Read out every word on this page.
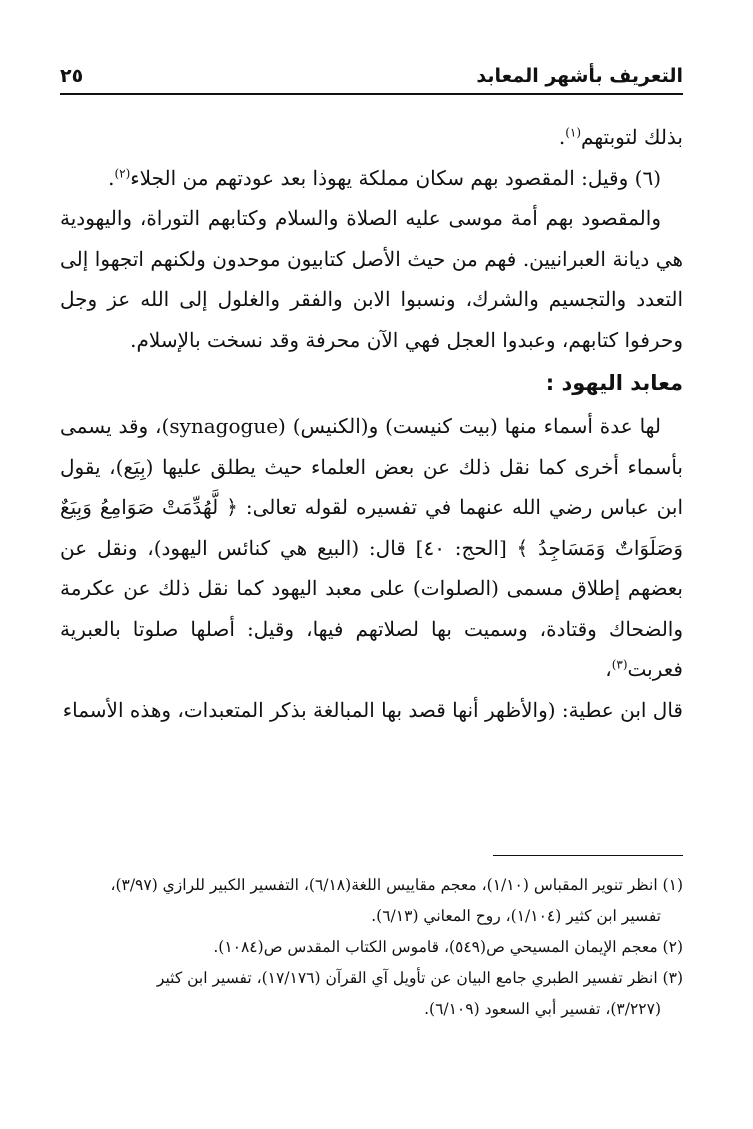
التعريف بأشهر المعابد
٢٥

بذلك لتوبتهم$^{(١)}$.

(٦) وقيل: المقصود بهم سكان مملكة يهوذا بعد عودتهم من الجلاء$^{(٢)}$.

والمقصود بهم أمة موسى عليه الصلاة والسلام وكتابهم التوراة، واليهودية هي ديانة العبرانيين. فهم من حيث الأصل كتابيون موحدون ولكنهم اتجهوا إلى التعدد والتجسيم والشرك، ونسبوا الابن والفقر والغلول إلى الله عز وجل وحرفوا كتابهم، وعبدوا العجل فهي الآن محرفة وقد نسخت بالإسلام.

معابد اليهود :

لها عدة أسماء منها (بيت كنيست) و(الكنيس) (synagogue)، وقد يسمى بأسماء أخرى كما نقل ذلك عن بعض العلماء حيث يطلق عليها (بِيَع)، يقول ابن عباس رضي الله عنهما في تفسيره لقوله تعالى: ﴿ لَّهُدِّمَتْ صَوَامِعُ وَبِيَعٌ وَصَلَوَاتٌ وَمَسَاجِدُ ﴾ [الحج: ٤٠] قال: (البيع هي كنائس اليهود)، ونقل عن بعضهم إطلاق مسمى (الصلوات) على معبد اليهود كما نقل ذلك عن عكرمة والضحاك وقتادة، وسميت بها لصلاتهم فيها، وقيل: أصلها صلوتا بالعبرية فعربت$^{(٣)}$،

قال ابن عطية: (والأظهر أنها قصد بها المبالغة بذكر المتعبدات، وهذه الأسماء

(١) انظر تنوير المقباس (١/١٠)، معجم مقاييس اللغة(٦/١٨)، التفسير الكبير للرازي (٣/٩٧)،
تفسير ابن كثير (١/١٠٤)، روح المعاني (٦/١٣).

(٢) معجم الإيمان المسيحي ص(٥٤٩)، قاموس الكتاب المقدس ص(١٠٨٤).

(٣) انظر تفسير الطبري جامع البيان عن تأويل آي القرآن (١٧/١٧٦)، تفسير ابن كثير
(٣/٢٢٧)، تفسير أبي السعود (٦/١٠٩).
